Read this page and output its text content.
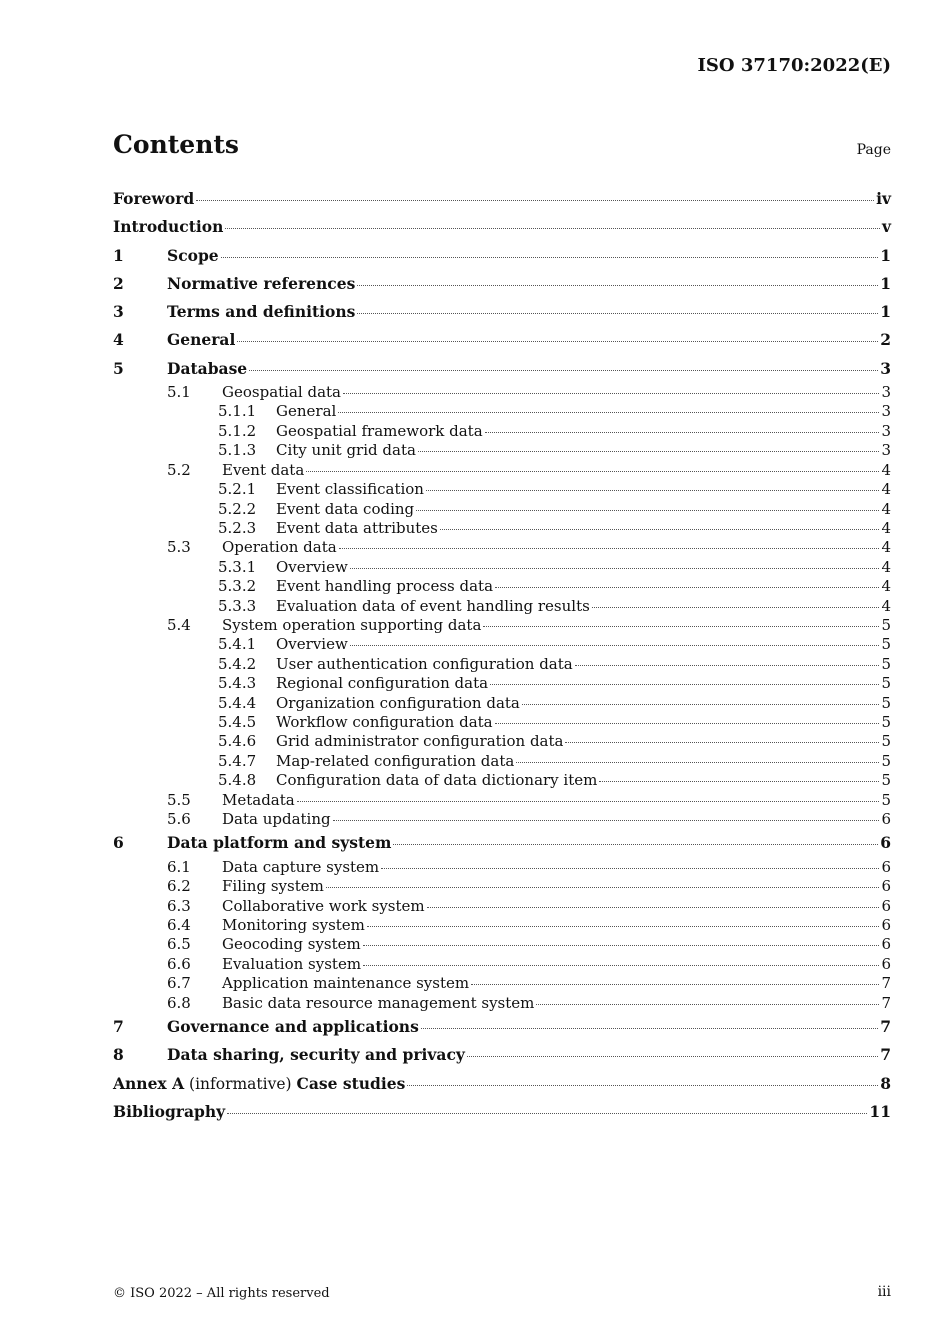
ISO 37170:2022(E)
Contents	Page
Foreword	iv
Introduction	v
1	Scope	1
2	Normative references	1
3	Terms and definitions	1
4	General	2
5	Database	3
5.1	Geospatial data	3
5.1.1	General	3
5.1.2	Geospatial framework data	3
5.1.3	City unit grid data	3
5.2	Event data	4
5.2.1	Event classification	4
5.2.2	Event data coding	4
5.2.3	Event data attributes	4
5.3	Operation data	4
5.3.1	Overview	4
5.3.2	Event handling process data	4
5.3.3	Evaluation data of event handling results	4
5.4	System operation supporting data	5
5.4.1	Overview	5
5.4.2	User authentication configuration data	5
5.4.3	Regional configuration data	5
5.4.4	Organization configuration data	5
5.4.5	Workflow configuration data	5
5.4.6	Grid administrator configuration data	5
5.4.7	Map-related configuration data	5
5.4.8	Configuration data of data dictionary item	5
5.5	Metadata	5
5.6	Data updating	6
6	Data platform and system	6
6.1	Data capture system	6
6.2	Filing system	6
6.3	Collaborative work system	6
6.4	Monitoring system	6
6.5	Geocoding system	6
6.6	Evaluation system	6
6.7	Application maintenance system	7
6.8	Basic data resource management system	7
7	Governance and applications	7
8	Data sharing, security and privacy	7
Annex A (informative) Case studies	8
Bibliography	11
© ISO 2022 – All rights reserved	iii
